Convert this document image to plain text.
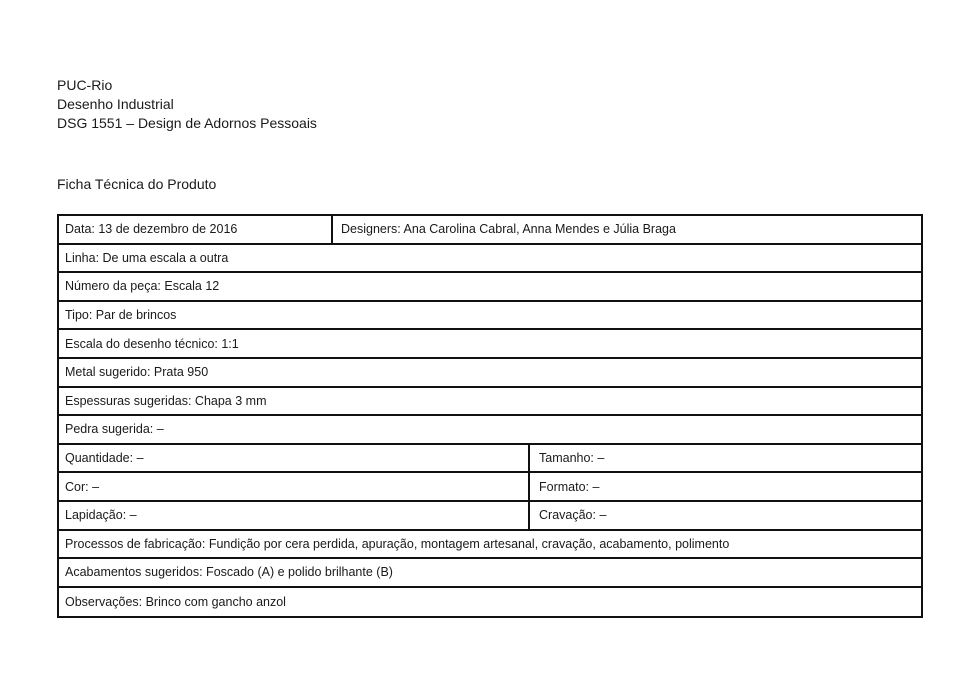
PUC-Rio
Desenho Industrial
DSG 1551 – Design de Adornos Pessoais
Ficha Técnica do Produto
Data: 13 de dezembro de 2016	Designers: Ana Carolina Cabral, Anna Mendes e Júlia Braga
Linha: De uma escala a outra
Número da peça: Escala 12
Tipo: Par de brincos
Escala do desenho técnico: 1:1
Metal sugerido: Prata 950
Espessuras sugeridas: Chapa 3 mm
Pedra sugerida: –
Quantidade: –	Tamanho: –
Cor: –	Formato: –
Lapidação: –	Cravação: –
Processos de fabricação: Fundição por cera perdida, apuração, montagem artesanal, cravação, acabamento, polimento
Acabamentos sugeridos: Foscado (A) e polido brilhante (B)
Observações: Brinco com gancho anzol
